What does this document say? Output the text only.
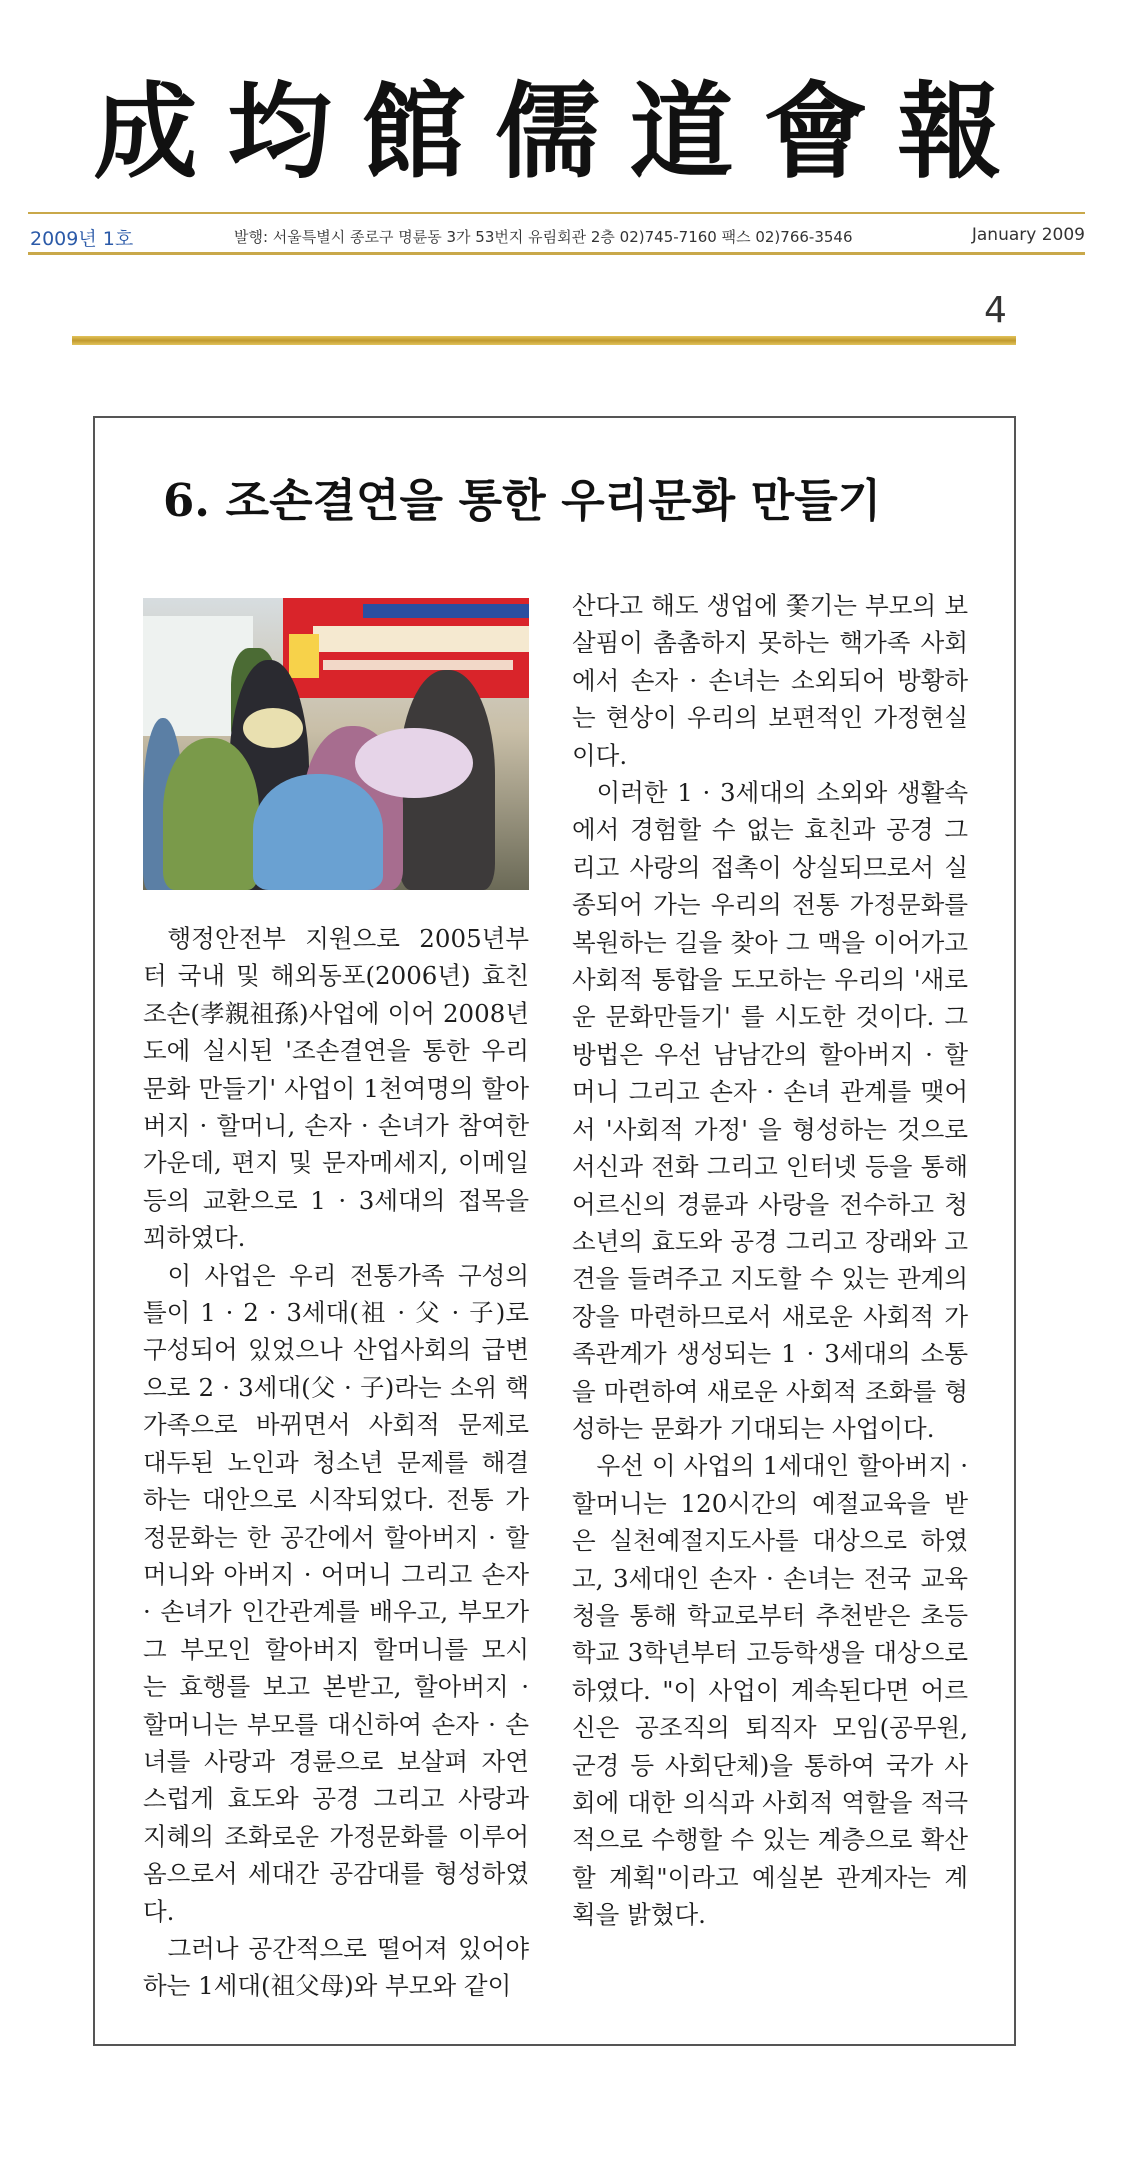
成均館儒道會報
2009년 1호	발행: 서울특별시 종로구 명륜동 3가 53번지 유림회관 2층 02)745-7160 팩스 02)766-3546	January 2009
4
6. 조손결연을 통한 우리문화 만들기

행정안전부 지원으로 2005년부터 국내 및 해외동포(2006년) 효친조손(孝親祖孫)사업에 이어 2008년도에 실시된 '조손결연을 통한 우리문화 만들기' 사업이 1천여명의 할아버지 · 할머니, 손자 · 손녀가 참여한 가운데, 편지 및 문자메세지, 이메일 등의 교환으로 1 · 3세대의 접목을 꾀하였다.

이 사업은 우리 전통가족 구성의 틀이 1 · 2 · 3세대(祖 · 父 · 子)로 구성되어 있었으나 산업사회의 급변으로 2 · 3세대(父 · 子)라는 소위 핵가족으로 바뀌면서 사회적 문제로 대두된 노인과 청소년 문제를 해결하는 대안으로 시작되었다. 전통 가정문화는 한 공간에서 할아버지 · 할머니와 아버지 · 어머니 그리고 손자 · 손녀가 인간관계를 배우고, 부모가 그 부모인 할아버지 할머니를 모시는 효행를 보고 본받고, 할아버지 · 할머니는 부모를 대신하여 손자 · 손녀를 사랑과 경륜으로 보살펴 자연스럽게 효도와 공경 그리고 사랑과 지혜의 조화로운 가정문화를 이루어 옴으로서 세대간 공감대를 형성하였다.

그러나 공간적으로 떨어져 있어야 하는 1세대(祖父母)와 부모와 같이

산다고 해도 생업에 쫓기는 부모의 보살핌이 촘촘하지 못하는 핵가족 사회에서 손자 · 손녀는 소외되어 방황하는 현상이 우리의 보편적인 가정현실이다.

이러한 1 · 3세대의 소외와 생활속에서 경험할 수 없는 효친과 공경 그리고 사랑의 접촉이 상실되므로서 실종되어 가는 우리의 전통 가정문화를 복원하는 길을 찾아 그 맥을 이어가고 사회적 통합을 도모하는 우리의 '새로운 문화만들기' 를 시도한 것이다. 그 방법은 우선 남남간의 할아버지 · 할머니 그리고 손자 · 손녀 관계를 맺어서 '사회적 가정' 을 형성하는 것으로 서신과 전화 그리고 인터넷 등을 통해 어르신의 경륜과 사랑을 전수하고 청소년의 효도와 공경 그리고 장래와 고견을 들려주고 지도할 수 있는 관계의 장을 마련하므로서 새로운 사회적 가족관계가 생성되는 1 · 3세대의 소통을 마련하여 새로운 사회적 조화를 형성하는 문화가 기대되는 사업이다.

우선 이 사업의 1세대인 할아버지 · 할머니는 120시간의 예절교육을 받은 실천예절지도사를 대상으로 하였고, 3세대인 손자 · 손녀는 전국 교육청을 통해 학교로부터 추천받은 초등학교 3학년부터 고등학생을 대상으로 하였다. "이 사업이 계속된다면 어르신은 공조직의 퇴직자 모임(공무원, 군경 등 사회단체)을 통하여 국가 사회에 대한 의식과 사회적 역할을 적극적으로 수행할 수 있는 계층으로 확산할 계획"이라고 예실본 관계자는 계획을 밝혔다.
